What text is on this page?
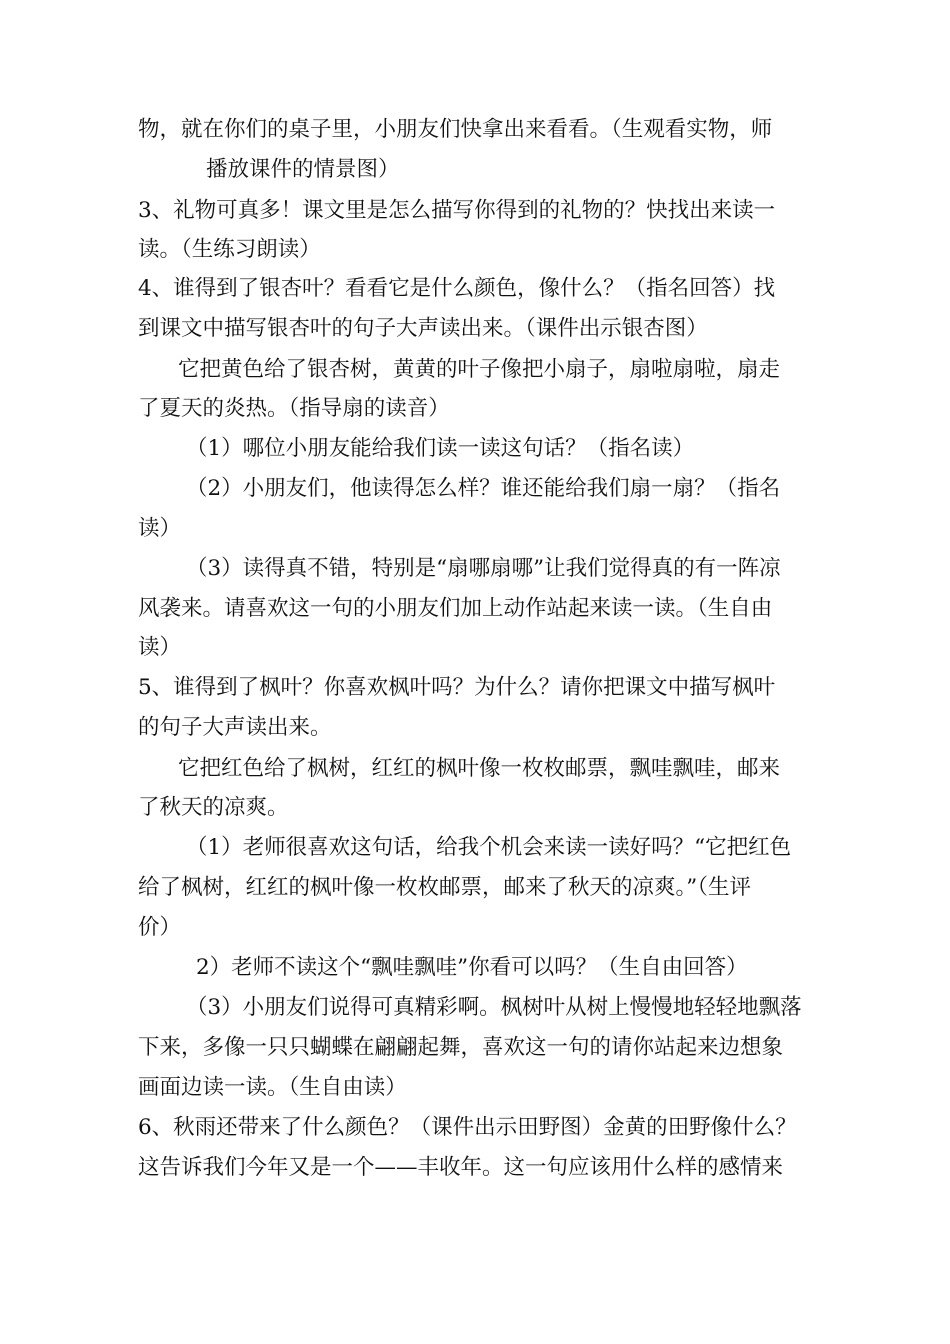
物，就在你们的桌子里，小朋友们快拿出来看看。（生观看实物，师
播放课件的情景图）
3、礼物可真多！课文里是怎么描写你得到的礼物的？快找出来读一
读。（生练习朗读）
4、谁得到了银杏叶？看看它是什么颜色，像什么？（指名回答）找
到课文中描写银杏叶的句子大声读出来。（课件出示银杏图）
它把黄色给了银杏树，黄黄的叶子像把小扇子，扇啦扇啦，扇走
了夏天的炎热。（指导扇的读音）
（1）哪位小朋友能给我们读一读这句话？（指名读）
（2）小朋友们，他读得怎么样？谁还能给我们扇一扇？（指名
读）
（3）读得真不错，特别是“扇哪扇哪”让我们觉得真的有一阵凉
风袭来。请喜欢这一句的小朋友们加上动作站起来读一读。（生自由
读）
5、谁得到了枫叶？你喜欢枫叶吗？为什么？请你把课文中描写枫叶
的句子大声读出来。
它把红色给了枫树，红红的枫叶像一枚枚邮票，飘哇飘哇，邮来
了秋天的凉爽。
（1）老师很喜欢这句话，给我个机会来读一读好吗？“它把红色
给了枫树，红红的枫叶像一枚枚邮票，邮来了秋天的凉爽。”（生评
价）
2）老师不读这个“飘哇飘哇”你看可以吗？（生自由回答）
（3）小朋友们说得可真精彩啊。枫树叶从树上慢慢地轻轻地飘落
下来，多像一只只蝴蝶在翩翩起舞，喜欢这一句的请你站起来边想象
画面边读一读。（生自由读）
6、秋雨还带来了什么颜色？（课件出示田野图）金黄的田野像什么？
这告诉我们今年又是一个——丰收年。这一句应该用什么样的感情来
